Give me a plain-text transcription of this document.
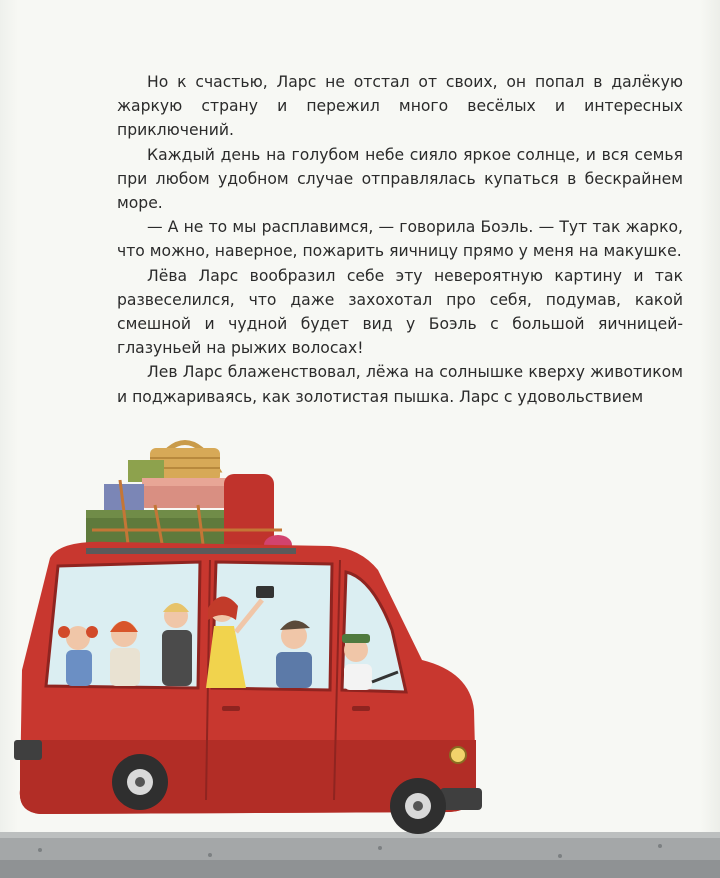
Но к счастью, Ларс не отстал от своих, он попал в далёкую жаркую страну и пережил много весёлых и интересных приключений.

Каждый день на голубом небе сияло яркое солнце, и вся семья при любом удобном случае отправлялась купаться в бескрайнем море.

— А не то мы расплавимся, — говорила Боэль. — Тут так жарко, что можно, наверное, пожарить яичницу прямо у меня на макушке.

Лёва Ларс вообразил себе эту невероятную картину и так развеселился, что даже захохотал про себя, подумав, какой смешной и чудной будет вид у Боэль с большой яичницей-глазуньей на рыжих волосах!

Лев Ларс блаженствовал, лёжа на солнышке кверху животиком и поджариваясь, как золотистая пышка. Ларс с удовольствием
